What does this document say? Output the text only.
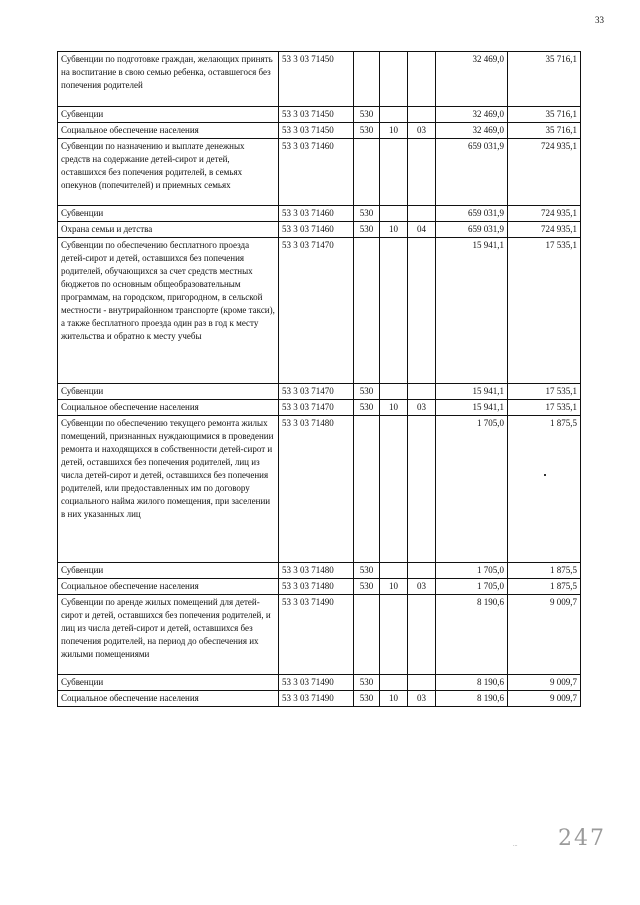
33
Субвенции по подготовке граждан, желающих принять на воспитание в свою семью ребенка, оставшегося без попечения родителей	53 3 03 71450				32 469,0	35 716,1
Субвенции	53 3 03 71450	530			32 469,0	35 716,1
Социальное обеспечение населения	53 3 03 71450	530	10	03	32 469,0	35 716,1
Субвенции по назначению и выплате денежных средств на содержание детей-сирот и детей, оставшихся без попечения родителей, в семьях опекунов (попечителей) и приемных семьях	53 3 03 71460				659 031,9	724 935,1
Субвенции	53 3 03 71460	530			659 031,9	724 935,1
Охрана семьи и детства	53 3 03 71460	530	10	04	659 031,9	724 935,1
Субвенции по обеспечению бесплатного проезда детей-сирот и детей, оставшихся без попечения родителей, обучающихся за счет средств местных бюджетов по основным общеобразовательным программам, на городском, пригородном, в сельской местности - внутрирайонном транспорте (кроме такси), а также бесплатного проезда один раз в год к месту жительства и обратно к месту учебы	53 3 03 71470				15 941,1	17 535,1
Субвенции	53 3 03 71470	530			15 941,1	17 535,1
Социальное обеспечение населения	53 3 03 71470	530	10	03	15 941,1	17 535,1
Субвенции по обеспечению текущего ремонта жилых помещений, признанных нуждающимися в проведении ремонта и находящихся в собственности детей-сирот и детей, оставшихся без попечения родителей, лиц из числа детей-сирот и детей, оставшихся без попечения родителей, или предоставленных им по договору социального найма жилого помещения, при заселении в них указанных лиц	53 3 03 71480				1 705,0	1 875,5
Субвенции	53 3 03 71480	530			1 705,0	1 875,5
Социальное обеспечение населения	53 3 03 71480	530	10	03	1 705,0	1 875,5
Субвенции по аренде жилых помещений для детей-сирот и детей, оставшихся без попечения родителей, и лиц из числа детей-сирот и детей, оставшихся без попечения родителей, на период до обеспечения их жилыми помещениями	53 3 03 71490				8 190,6	9 009,7
Субвенции	53 3 03 71490	530			8 190,6	9 009,7
Социальное обеспечение населения	53 3 03 71490	530	10	03	8 190,6	9 009,7
... 247
